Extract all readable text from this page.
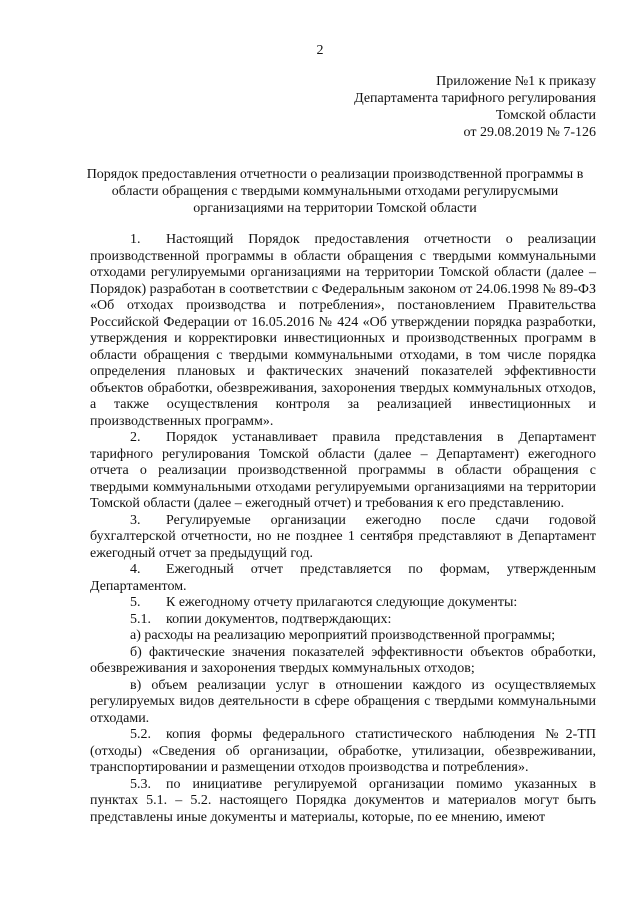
2
Приложение №1 к приказу
Департамента тарифного регулирования
Томской области
от 29.08.2019 № 7-126
Порядок предоставления отчетности о реализации производственной программы в
области обращения с твердыми коммунальными отходами регулирусмыми
организациями на территории Томской области

1. Настоящий Порядок предоставления отчетности о реализации производственной программы в области обращения с твердыми коммунальными отходами регулируемыми организациями на территории Томской области (далее – Порядок) разработан в соответствии с Федеральным законом от 24.06.1998 № 89-ФЗ «Об отходах производства и потребления», постановлением Правительства Российской Федерации от 16.05.2016 № 424 «Об утверждении порядка разработки, утверждения и корректировки инвестиционных и производственных программ в области обращения с твердыми коммунальными отходами, в том числе порядка определения плановых и фактических значений показателей эффективности объектов обработки, обезвреживания, захоронения твердых коммунальных отходов, а также осуществления контроля за реализацией инвестиционных и производственных программ».

2. Порядок устанавливает правила представления в Департамент тарифного регулирования Томской области (далее – Департамент) ежегодного отчета о реализации производственной программы в области обращения с твердыми коммунальными отходами регулируемыми организациями на территории Томской области (далее – ежегодный отчет) и требования к его представлению.

3. Регулируемые организации ежегодно после сдачи годовой бухгалтерской отчетности, но не позднее 1 сентября представляют в Департамент ежегодный отчет за предыдущий год.

4. Ежегодный отчет представляется по формам, утвержденным Департаментом.

5. К ежегодному отчету прилагаются следующие документы:

5.1. копии документов, подтверждающих:

а) расходы на реализацию мероприятий производственной программы;

б) фактические значения показателей эффективности объектов обработки, обезвреживания и захоронения твердых коммунальных отходов;

в) объем реализации услуг в отношении каждого из осуществляемых регулируемых видов деятельности в сфере обращения с твердыми коммунальными отходами.

5.2. копия формы федерального статистического наблюдения №2-ТП (отходы) «Сведения об организации, обработке, утилизации, обезвреживании, транспортировании и размещении отходов производства и потребления».

5.3. по инициативе регулируемой организации помимо указанных в пунктах 5.1. – 5.2. настоящего Порядка документов и материалов могут быть представлены иные документы и материалы, которые, по ее мнению, имеют
